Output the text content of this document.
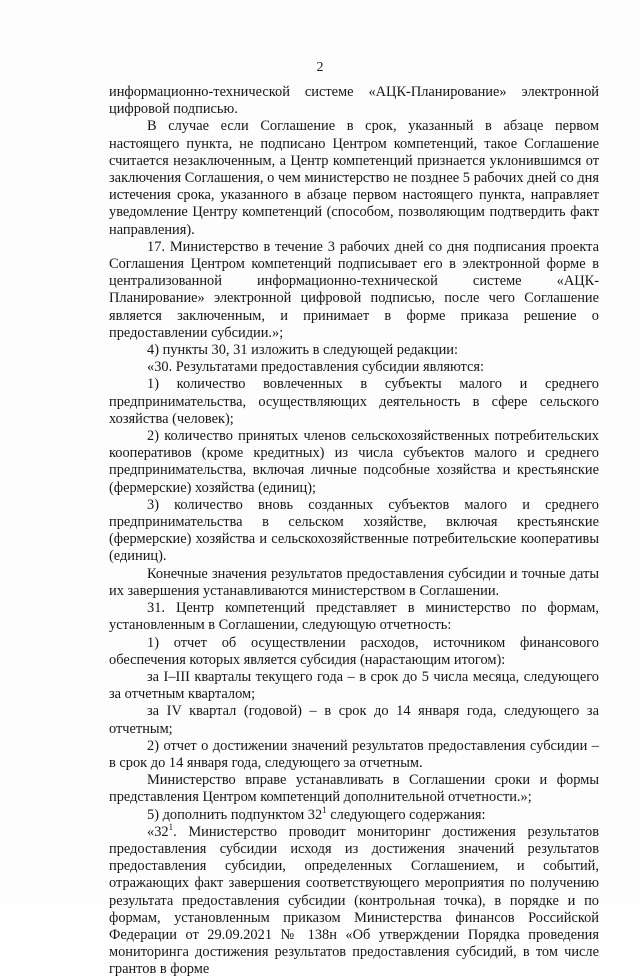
2

информационно-технической системе «АЦК-Планирование» электронной цифровой подписью.

В случае если Соглашение в срок, указанный в абзаце первом настоящего пункта, не подписано Центром компетенций, такое Соглашение считается незаключенным, а Центр компетенций признается уклонившимся от заключения Соглашения, о чем министерство не позднее 5 рабочих дней со дня истечения срока, указанного в абзаце первом настоящего пункта, направляет уведомление Центру компетенций (способом, позволяющим подтвердить факт направления).

17. Министерство в течение 3 рабочих дней со дня подписания проекта Соглашения Центром компетенций подписывает его в электронной форме в централизованной информационно-технической системе «АЦК-Планирование» электронной цифровой подписью, после чего Соглашение является заключенным, и принимает в форме приказа решение о предоставлении субсидии.»;

4) пункты 30, 31 изложить в следующей редакции:

«30. Результатами предоставления субсидии являются:

1) количество вовлеченных в субъекты малого и среднего предпринимательства, осуществляющих деятельность в сфере сельского хозяйства (человек);

2) количество принятых членов сельскохозяйственных потребительских кооперативов (кроме кредитных) из числа субъектов малого и среднего предпринимательства, включая личные подсобные хозяйства и крестьянские (фермерские) хозяйства (единиц);

3) количество вновь созданных субъектов малого и среднего предпринимательства в сельском хозяйстве, включая крестьянские (фермерские) хозяйства и сельскохозяйственные потребительские кооперативы (единиц).

Конечные значения результатов предоставления субсидии и точные даты их завершения устанавливаются министерством в Соглашении.

31. Центр компетенций представляет в министерство по формам, установленным в Соглашении, следующую отчетность:

1) отчет об осуществлении расходов, источником финансового обеспечения которых является субсидия (нарастающим итогом):

за I–III кварталы текущего года – в срок до 5 числа месяца, следующего за отчетным кварталом;

за IV квартал (годовой) – в срок до 14 января года, следующего за отчетным;

2) отчет о достижении значений результатов предоставления субсидии – в срок до 14 января года, следующего за отчетным.

Министерство вправе устанавливать в Соглашении сроки и формы представления Центром компетенций дополнительной отчетности.»;

5) дополнить подпунктом $32^1$ следующего содержания:

«$32^1$. Министерство проводит мониторинг достижения результатов предоставления субсидии исходя из достижения значений результатов предоставления субсидии, определенных Соглашением, и событий, отражающих факт завершения соответствующего мероприятия по получению результата предоставления субсидии (контрольная точка), в порядке и по формам, установленным приказом Министерства финансов Российской Федерации от 29.09.2021 № 138н «Об утверждении Порядка проведения мониторинга достижения результатов предоставления субсидий, в том числе грантов в форме
